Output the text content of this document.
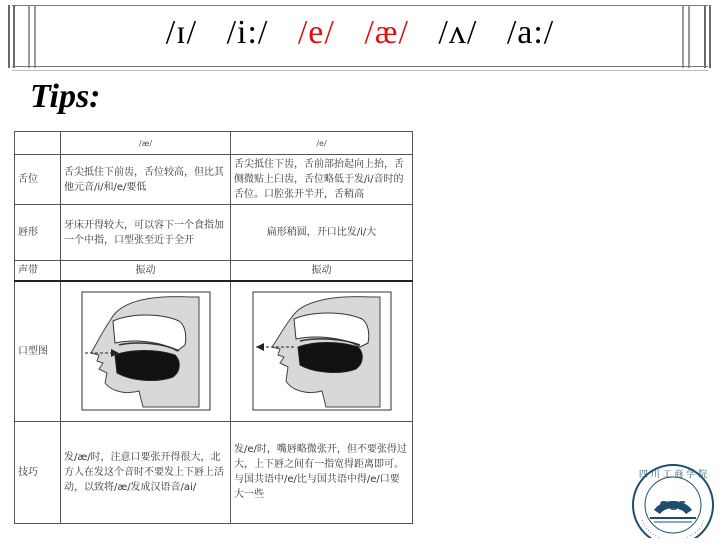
/ɪ/ /i:/ /e/ /æ/ /ʌ/ /a:/
Tips:
	/æ/	/e/
舌位	舌尖抵住下前齿，舌位较高，但比其他元音/i/和/e/要低	舌尖抵住下齿，舌前部抬起向上抬，舌侧微贴上臼齿，舌位略低于发/i/音时的舌位。口腔张开半开，舌稍高
唇形	牙床开得较大，可以容下一个食指加一个中指，口型张至近于全开	扁形稍圆，开口比发/i/大
声带	振动	振动
口型图	

技巧	发/æ/时，注意口要张开得很大，北方人在发这个音时不要发上下唇上活动，以致将/æ/发成汉语音/ai/	发/e/时，嘴唇略微张开，但不要张得过大，上下唇之间有一指宽得距离即可。与国共语中/e/比与国共语中得/e/口要大一些
四 川 工 商 学 院
SGS
